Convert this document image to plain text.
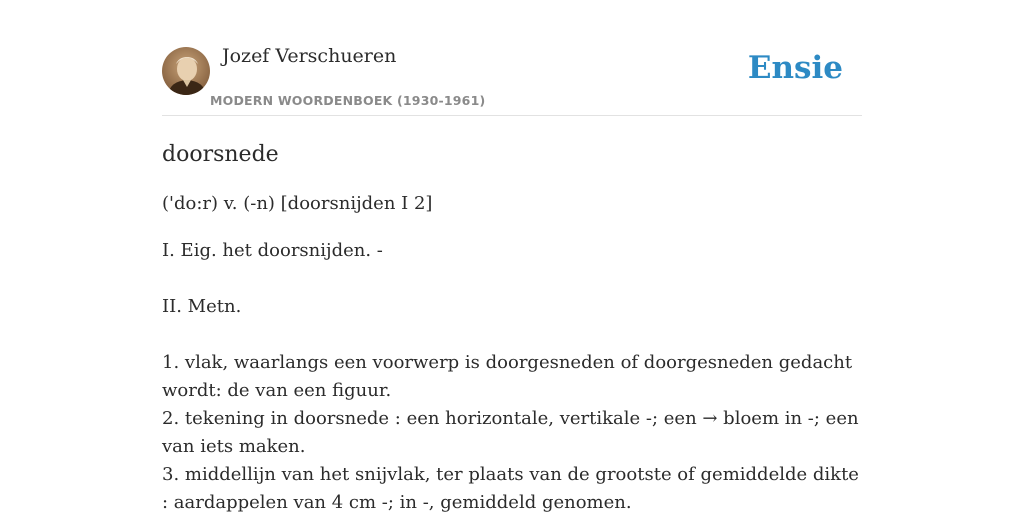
Jozef Verschueren
MODERN WOORDENBOEK (1930-1961)
Ensie
doorsnede
('do:r) v. (-n) [doorsnijden I 2]

I. Eig. het doorsnijden. -

II. Metn.

1. vlak, waarlangs een voorwerp is doorgesneden of doorgesneden gedacht wordt: de van een figuur.

2. tekening in doorsnede : een horizontale, vertikale -; een → bloem in -; een van iets maken.

3. middellijn van het snijvlak, ter plaats van de grootste of gemiddelde dikte : aardappelen van 4 cm -; in -, gemiddeld genomen.
